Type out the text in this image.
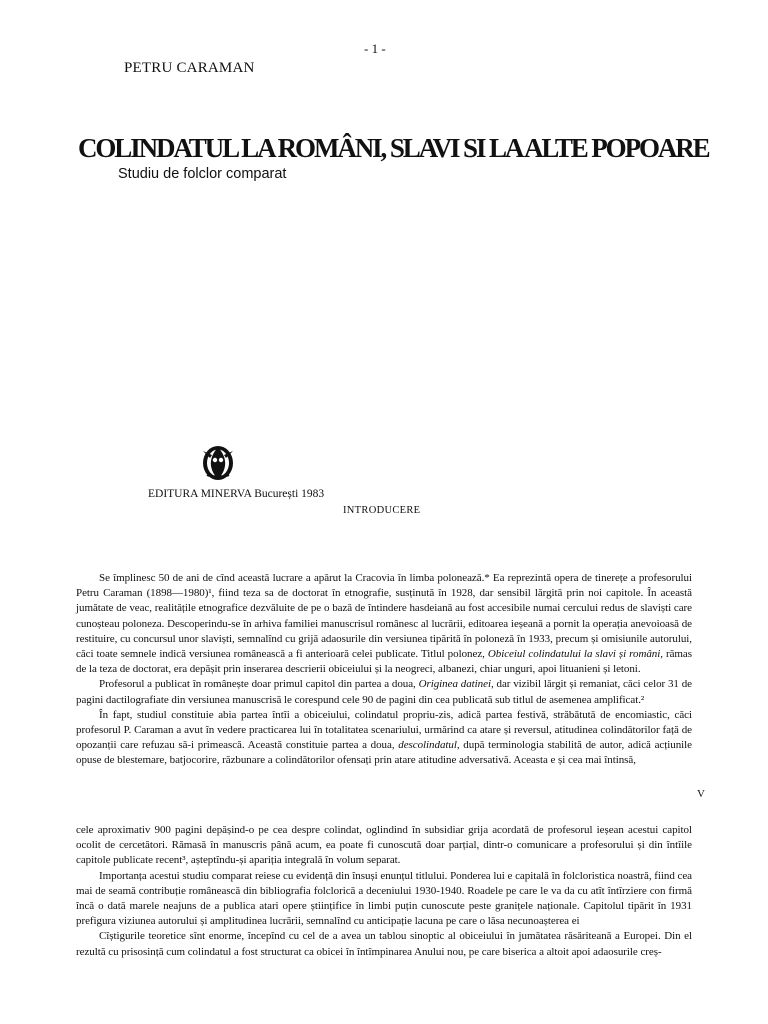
- 1 -
PETRU CARAMAN
COLINDATUL LA ROMÂNI, SLAVI SI LA ALTE POPOARE
Studiu de folclor comparat
EDITURA MINERVA București 1983
INTRODUCERE

Se împlinesc 50 de ani de cînd această lucrare a apărut la Cracovia în limba polonează.* Ea reprezintă opera de tinerețe a profesorului Petru Caraman (1898—1980)¹, fiind teza sa de doctorat în etnografie, susținută în 1928, dar sensibil lărgită prin noi capitole. În această jumătate de veac, realitățile etnografice dezvăluite de pe o bază de întindere hasdeiană au fost accesibile numai cercului redus de slaviști care cunoșteau poloneza. Descoperindu-se în arhiva familiei manuscrisul românesc al lucrării, editoarea ieșeană a pornit la operația anevoioasă de restituire, cu concursul unor slaviști, semnalînd cu grijă adaosurile din versiunea tipărită în poloneză în 1933, precum și omisiunile autorului, căci toate semnele indică versiunea românească a fi anterioară celei publicate. Titlul polonez, Obiceiul colindatului la slavi și români, rămas de la teza de doctorat, era depășit prin inserarea descrierii obiceiului și la neogreci, albanezi, chiar unguri, apoi lituanieni și letoni.

Profesorul a publicat în românește doar primul capitol din partea a doua, Originea datinei, dar vizibil lărgit și remaniat, căci celor 31 de pagini dactilografiate din versiunea manuscrisă le corespund cele 90 de pagini din cea publicată sub titlul de asemenea amplificat.²

În fapt, studiul constituie abia partea întîi a obiceiului, colindatul propriu-zis, adică partea festivă, străbătută de encomiastic, căci profesorul P. Caraman a avut în vedere practicarea lui în totalitatea scenariului, urmărind ca atare și reversul, atitudinea colindătorilor față de opozanții care refuzau să-i primească. Această constituie partea a doua, descolindatul, după terminologia stabilită de autor, adică acțiunile opuse de blestemare, batjocorire, răzbunare a colindătorilor ofensați prin atare atitudine adversativă. Aceasta e și cea mai întinsă,

V

cele aproximativ 900 pagini depășind-o pe cea despre colindat, oglindind în subsidiar grija acordată de profesorul ieșean acestui capitol ocolit de cercetători. Rămasă în manuscris până acum, ea poate fi cunoscută doar parțial, dintr-o comunicare a profesorului și din întîile capitole publicate recent³, așteptîndu-și apariția integrală în volum separat.

Importanța acestui studiu comparat reiese cu evidență din însuși enunțul titlului. Ponderea lui e capitală în folcloristica noastră, fiind cea mai de seamă contribuție românească din bibliografia folclorică a deceniului 1930-1940. Roadele pe care le va da cu atît întîrziere con firmă încă o dată marele neajuns de a publica atari opere științifice în limbi puțin cunoscute peste granițele naționale. Capitolul tipărit în 1931 prefigura viziunea autorului și amplitudinea lucrării, semnalînd cu anticipație lacuna pe care o lăsa necunoașterea ei

Cîștigurile teoretice sînt enorme, începînd cu cel de a avea un tablou sinoptic al obiceiului în jumătatea răsăriteană a Europei. Din el rezultă cu prisosință cum colindatul a fost structurat ca obicei în întîmpinarea Anului nou, pe care biserica a altoit apoi adaosurile creș-
